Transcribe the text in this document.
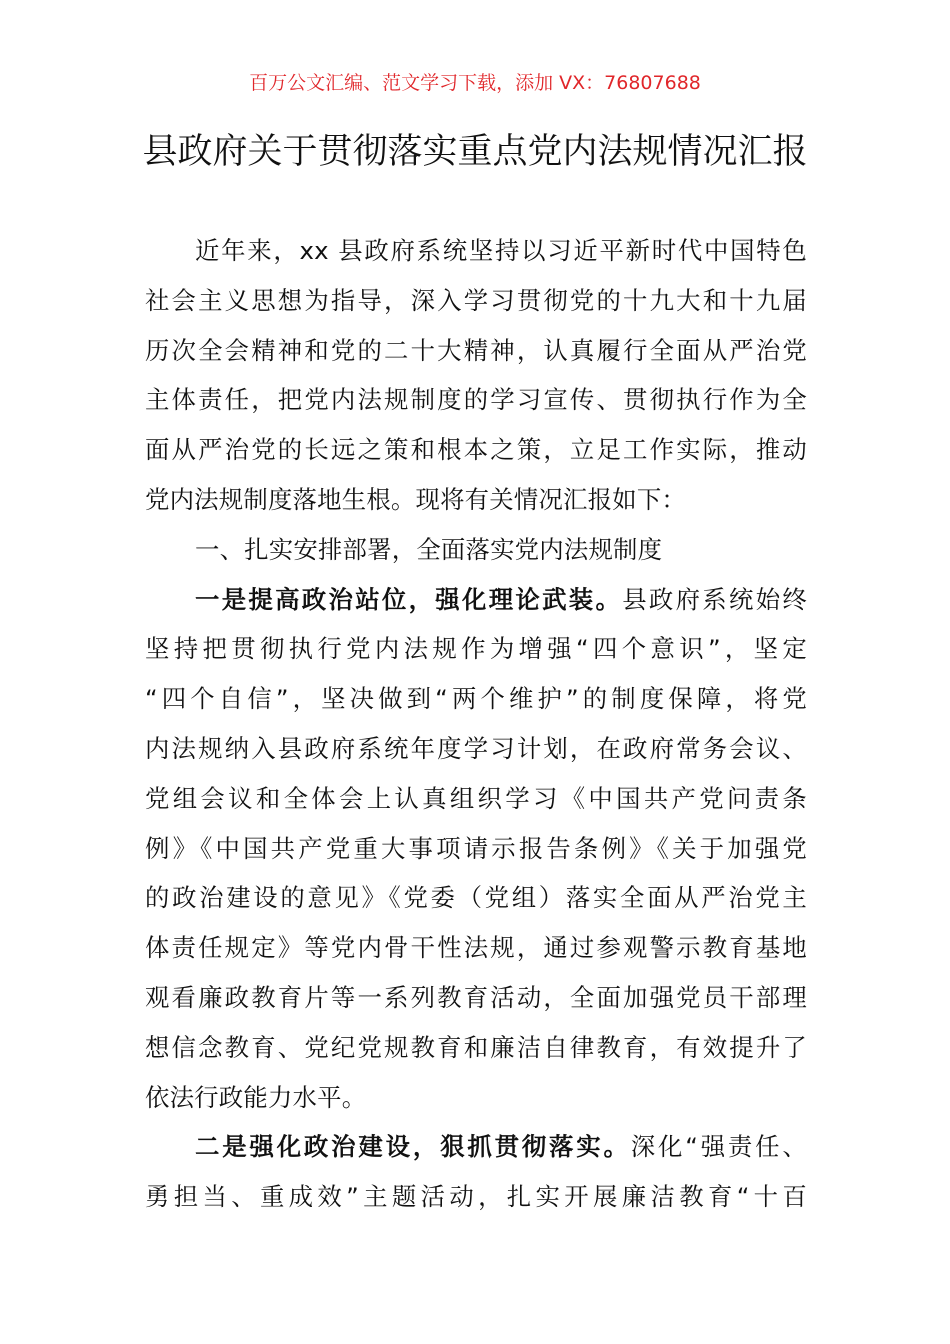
百万公文汇编、范文学习下载，添加 VX：76807688
县政府关于贯彻落实重点党内法规情况汇报
近年来，xx 县政府系统坚持以习近平新时代中国特色
社会主义思想为指导，深入学习贯彻党的十九大和十九届
历次全会精神和党的二十大精神，认真履行全面从严治党
主体责任，把党内法规制度的学习宣传、贯彻执行作为全
面从严治党的长远之策和根本之策，立足工作实际，推动
党内法规制度落地生根。现将有关情况汇报如下：
一、扎实安排部署，全面落实党内法规制度
一是提高政治站位，强化理论武装。县政府系统始终
坚持把贯彻执行党内法规作为增强“四个意识”，坚定
“四个自信”，坚决做到“两个维护”的制度保障，将党
内法规纳入县政府系统年度学习计划，在政府常务会议、
党组会议和全体会上认真组织学习《中国共产党问责条
例》《中国共产党重大事项请示报告条例》《关于加强党
的政治建设的意见》《党委（党组）落实全面从严治党主
体责任规定》等党内骨干性法规，通过参观警示教育基地
观看廉政教育片等一系列教育活动，全面加强党员干部理
想信念教育、党纪党规教育和廉洁自律教育，有效提升了
依法行政能力水平。
二是强化政治建设，狠抓贯彻落实。深化“强责任、
勇担当、重成效”主题活动，扎实开展廉洁教育“十百
